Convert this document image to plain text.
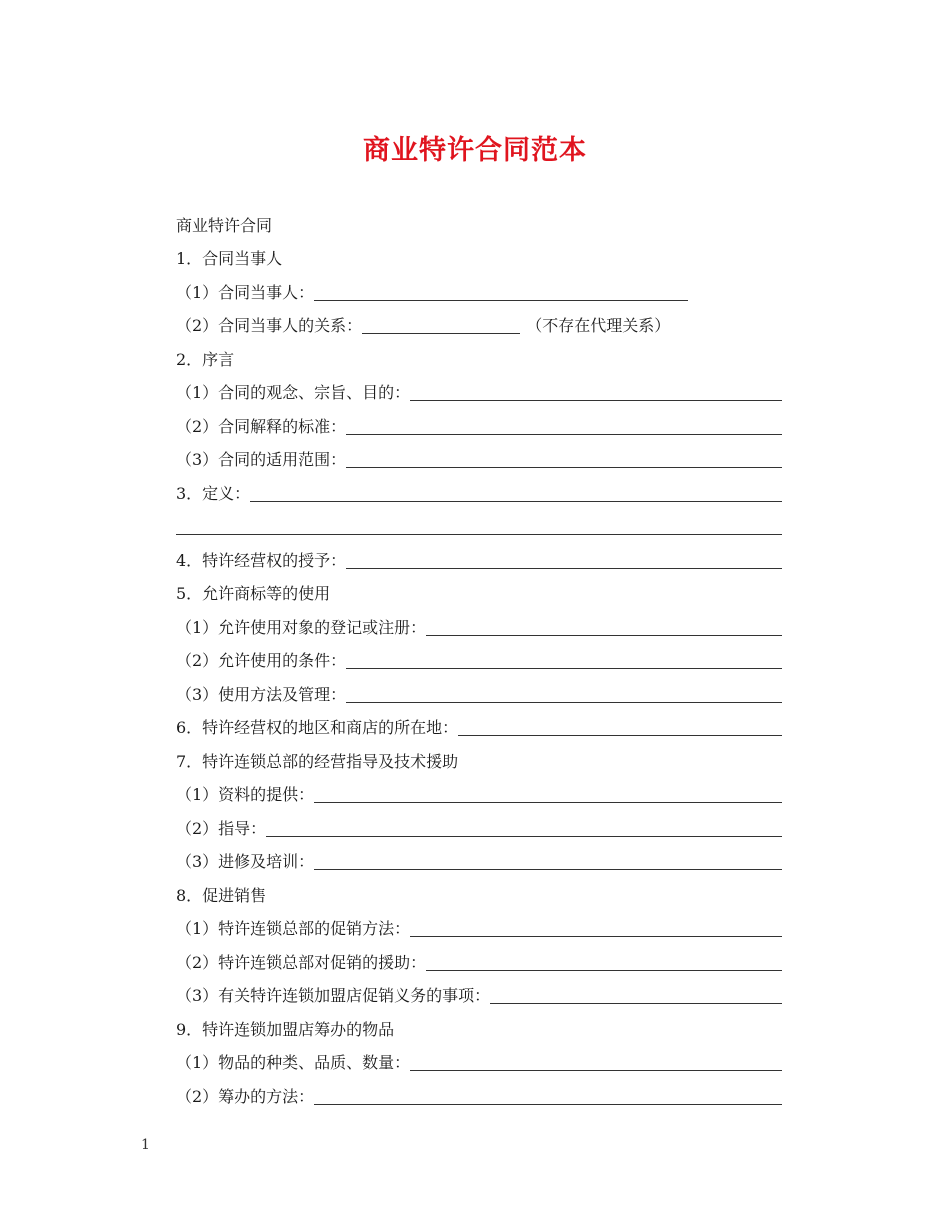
商业特许合同范本
商业特许合同
1．合同当事人
（1）合同当事人：
（2）合同当事人的关系：	（不存在代理关系）
2．序言
（1）合同的观念、宗旨、目的：
（2）合同解释的标准：
（3）合同的适用范围：
3．定义：
4．特许经营权的授予：
5．允许商标等的使用
（1）允许使用对象的登记或注册：
（2）允许使用的条件：
（3）使用方法及管理：
6．特许经营权的地区和商店的所在地：
7．特许连锁总部的经营指导及技术援助
（1）资料的提供：
（2）指导：
（3）进修及培训：
8．促进销售
（1）特许连锁总部的促销方法：
（2）特许连锁总部对促销的援助：
（3）有关特许连锁加盟店促销义务的事项：
9．特许连锁加盟店筹办的物品
（1）物品的种类、品质、数量：
（2）筹办的方法：
1
